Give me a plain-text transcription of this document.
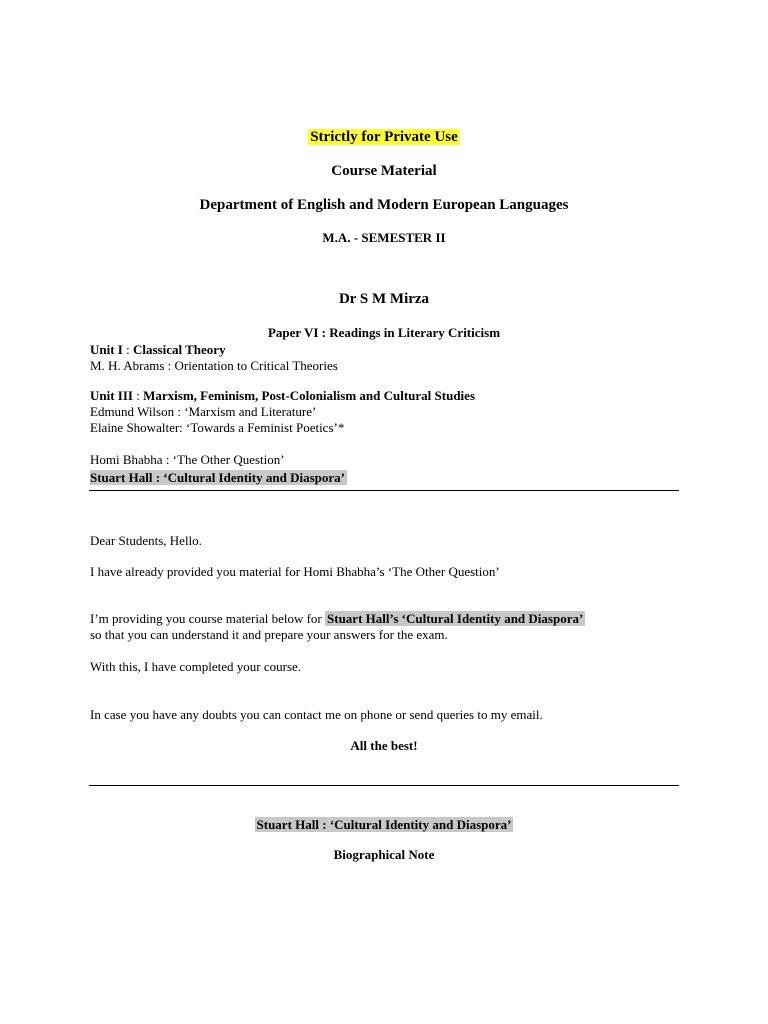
Strictly for Private Use
Course Material
Department of English and Modern European Languages
M.A. - SEMESTER II
Dr S M Mirza
Paper VI : Readings in Literary Criticism
Unit I : Classical Theory
M. H. Abrams : Orientation to Critical Theories
Unit III : Marxism, Feminism, Post-Colonialism and Cultural Studies
Edmund Wilson : ‘Marxism and Literature’
Elaine Showalter: ‘Towards a Feminist Poetics’*
Homi Bhabha : ‘The Other Question’
Stuart Hall : ‘Cultural Identity and Diaspora’
Dear Students, Hello.
I have already provided you material for Homi Bhabha’s ‘The Other Question’
I’m providing you course material below for Stuart Hall’s ‘Cultural Identity and Diaspora’
so that you can understand it and prepare your answers for the exam.
With this, I have completed your course.
In case you have any doubts you can contact me on phone or send queries to my email.
All the best!
Stuart Hall : ‘Cultural Identity and Diaspora’
Biographical Note
